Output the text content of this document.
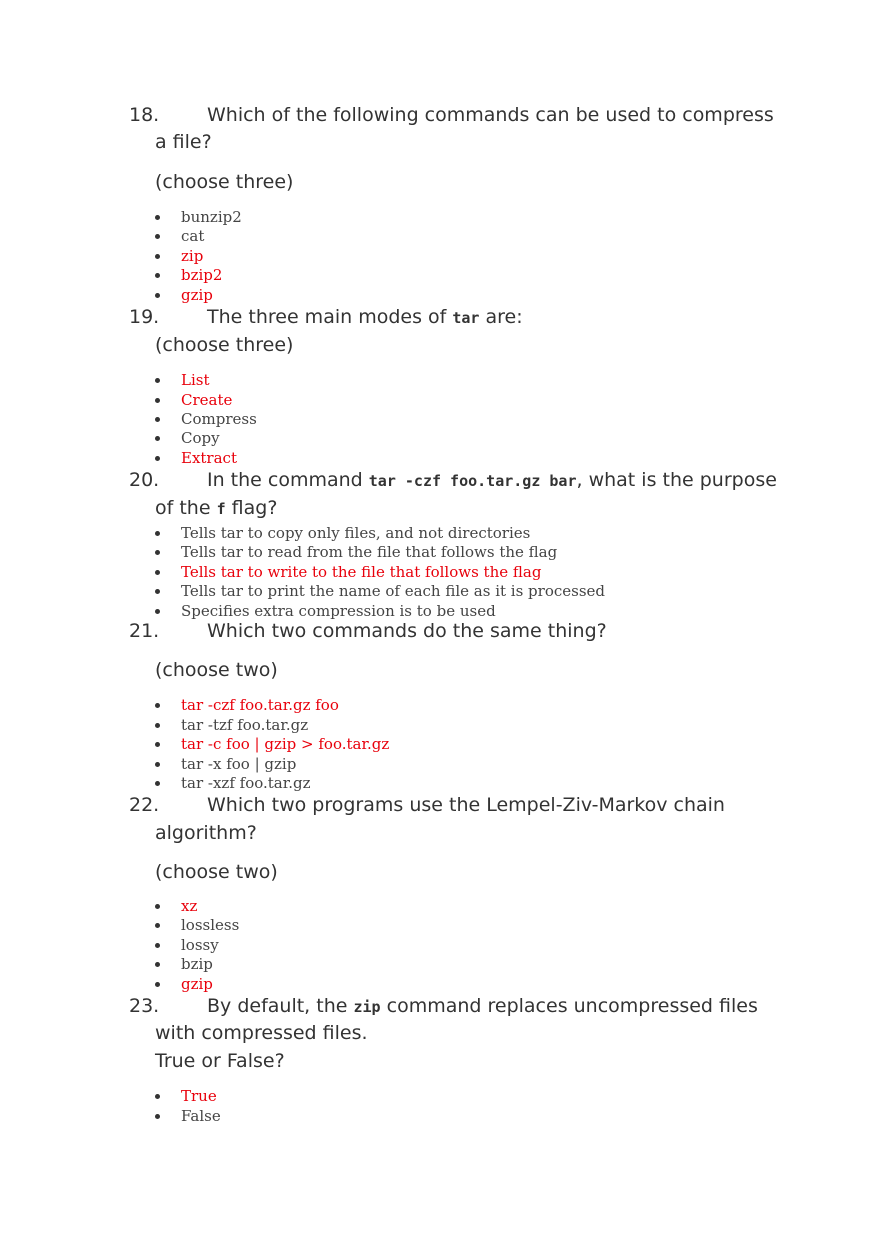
18.	Which of the following commands can be used to compress
a file?
(choose three)
bunzip2
cat
zip
bzip2
gzip
19.	The three main modes of tar are:
(choose three)
List
Create
Compress
Copy
Extract
20.	In the command tar -czf foo.tar.gz bar, what is the purpose
of the f flag?
Tells tar to copy only files, and not directories
Tells tar to read from the file that follows the flag
Tells tar to write to the file that follows the flag
Tells tar to print the name of each file as it is processed
Specifies extra compression is to be used
21.	Which two commands do the same thing?
(choose two)
tar -czf foo.tar.gz foo
tar -tzf foo.tar.gz
tar -c foo | gzip > foo.tar.gz
tar -x foo | gzip
tar -xzf foo.tar.gz
22.	Which two programs use the Lempel-Ziv-Markov chain
algorithm?
(choose two)
xz
lossless
lossy
bzip
gzip
23.	By default, the zip command replaces uncompressed files
with compressed files.
True or False?
True
False
